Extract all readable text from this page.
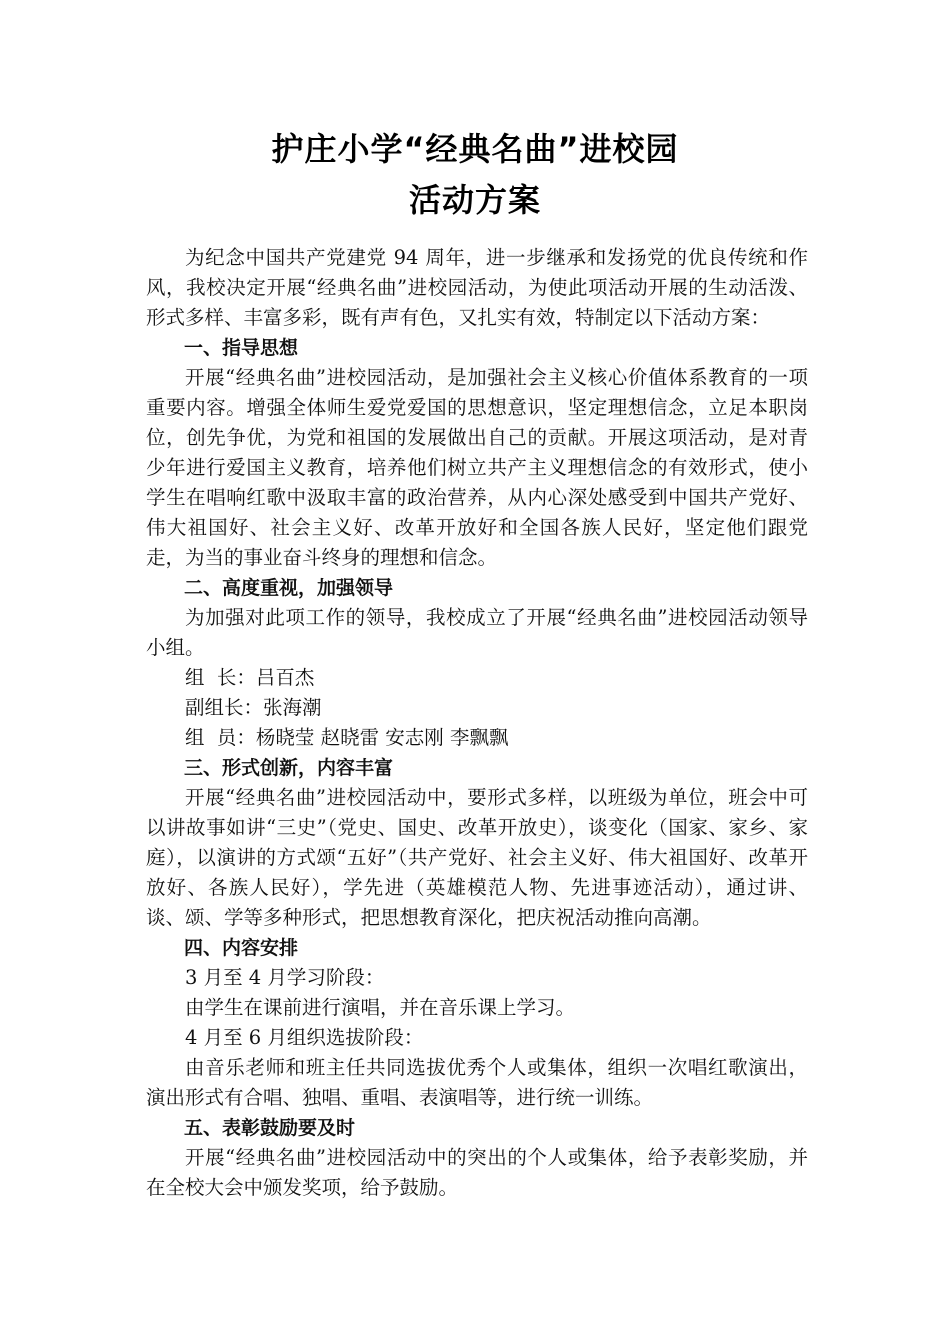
护庄小学“经典名曲”进校园
活动方案

为纪念中国共产党建党 94 周年，进一步继承和发扬党的优良传统和作风，我校决定开展“经典名曲”进校园活动，为使此项活动开展的生动活泼、形式多样、丰富多彩，既有声有色，又扎实有效，特制定以下活动方案：

一、指导思想

开展“经典名曲”进校园活动，是加强社会主义核心价值体系教育的一项重要内容。增强全体师生爱党爱国的思想意识，坚定理想信念，立足本职岗位，创先争优，为党和祖国的发展做出自己的贡献。开展这项活动，是对青少年进行爱国主义教育，培养他们树立共产主义理想信念的有效形式，使小学生在唱响红歌中汲取丰富的政治营养，从内心深处感受到中国共产党好、伟大祖国好、社会主义好、改革开放好和全国各族人民好，坚定他们跟党走，为当的事业奋斗终身的理想和信念。

二、高度重视，加强领导

为加强对此项工作的领导，我校成立了开展“经典名曲”进校园活动领导小组。

组  长：吕百杰

副组长：张海潮

组  员：杨晓莹 赵晓雷 安志刚 李飘飘

三、形式创新，内容丰富

开展“经典名曲”进校园活动中，要形式多样，以班级为单位，班会中可以讲故事如讲“三史”（党史、国史、改革开放史），谈变化（国家、家乡、家庭），以演讲的方式颂“五好”（共产党好、社会主义好、伟大祖国好、改革开放好、各族人民好），学先进（英雄模范人物、先进事迹活动），通过讲、谈、颂、学等多种形式，把思想教育深化，把庆祝活动推向高潮。

四、内容安排

3 月至 4 月学习阶段：

由学生在课前进行演唱，并在音乐课上学习。

4 月至 6 月组织选拔阶段：

由音乐老师和班主任共同选拔优秀个人或集体，组织一次唱红歌演出，演出形式有合唱、独唱、重唱、表演唱等，进行统一训练。

五、表彰鼓励要及时

开展“经典名曲”进校园活动中的突出的个人或集体，给予表彰奖励，并在全校大会中颁发奖项，给予鼓励。
